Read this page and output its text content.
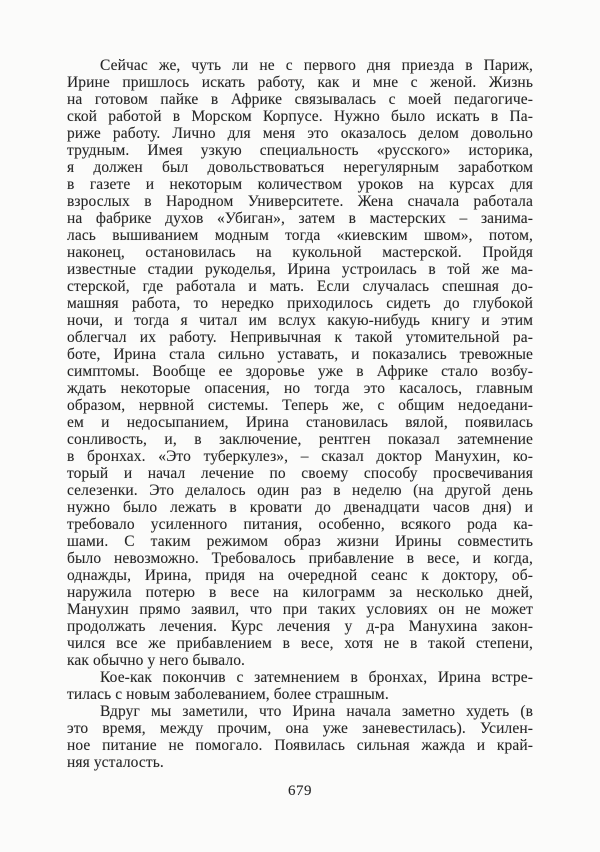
Сейчас же, чуть ли не с первого дня приезда в Париж,
Ирине пришлось искать работу, как и мне с женой. Жизнь
на готовом пайке в Африке связывалась с моей педагогиче-
ской работой в Морском Корпусе. Нужно было искать в Па-
риже работу. Лично для меня это оказалось делом довольно
трудным. Имея узкую специальность «русского» историка,
я должен был довольствоваться нерегулярным заработком
в газете и некоторым количеством уроков на курсах для
взрослых в Народном Университете. Жена сначала работала
на фабрике духов «Убиган», затем в мастерских – занима-
лась вышиванием модным тогда «киевским швом», потом,
наконец, остановилась на кукольной мастерской. Пройдя
известные стадии рукоделья, Ирина устроилась в той же ма-
стерской, где работала и мать. Если случалась спешная до-
машняя работа, то нередко приходилось сидеть до глубокой
ночи, и тогда я читал им вслух какую-нибудь книгу и этим
облегчал их работу. Непривычная к такой утомительной ра-
боте, Ирина стала сильно уставать, и показались тревожные
симптомы. Вообще ее здоровье уже в Африке стало возбу-
ждать некоторые опасения, но тогда это касалось, главным
образом, нервной системы. Теперь же, с общим недоедани-
ем и недосыпанием, Ирина становилась вялой, появилась
сонливость, и, в заключение, рентген показал затемнение
в бронхах. «Это туберкулез», – сказал доктор Манухин, ко-
торый и начал лечение по своему способу просвечивания
селезенки. Это делалось один раз в неделю (на другой день
нужно было лежать в кровати до двенадцати часов дня) и
требовало усиленного питания, особенно, всякого рода ка-
шами. С таким режимом образ жизни Ирины совместить
было невозможно. Требовалось прибавление в весе, и когда,
однажды, Ирина, придя на очередной сеанс к доктору, об-
наружила потерю в весе на килограмм за несколько дней,
Манухин прямо заявил, что при таких условиях он не может
продолжать лечения. Курс лечения у д-ра Манухина закон-
чился все же прибавлением в весе, хотя не в такой степени,
как обычно у него бывало.

Кое-как покончив с затемнением в бронхах, Ирина встре-
тилась с новым заболеванием, более страшным.

Вдруг мы заметили, что Ирина начала заметно худеть (в
это время, между прочим, она уже заневестилась). Усилен-
ное питание не помогало. Появилась сильная жажда и край-
няя усталость.

679
